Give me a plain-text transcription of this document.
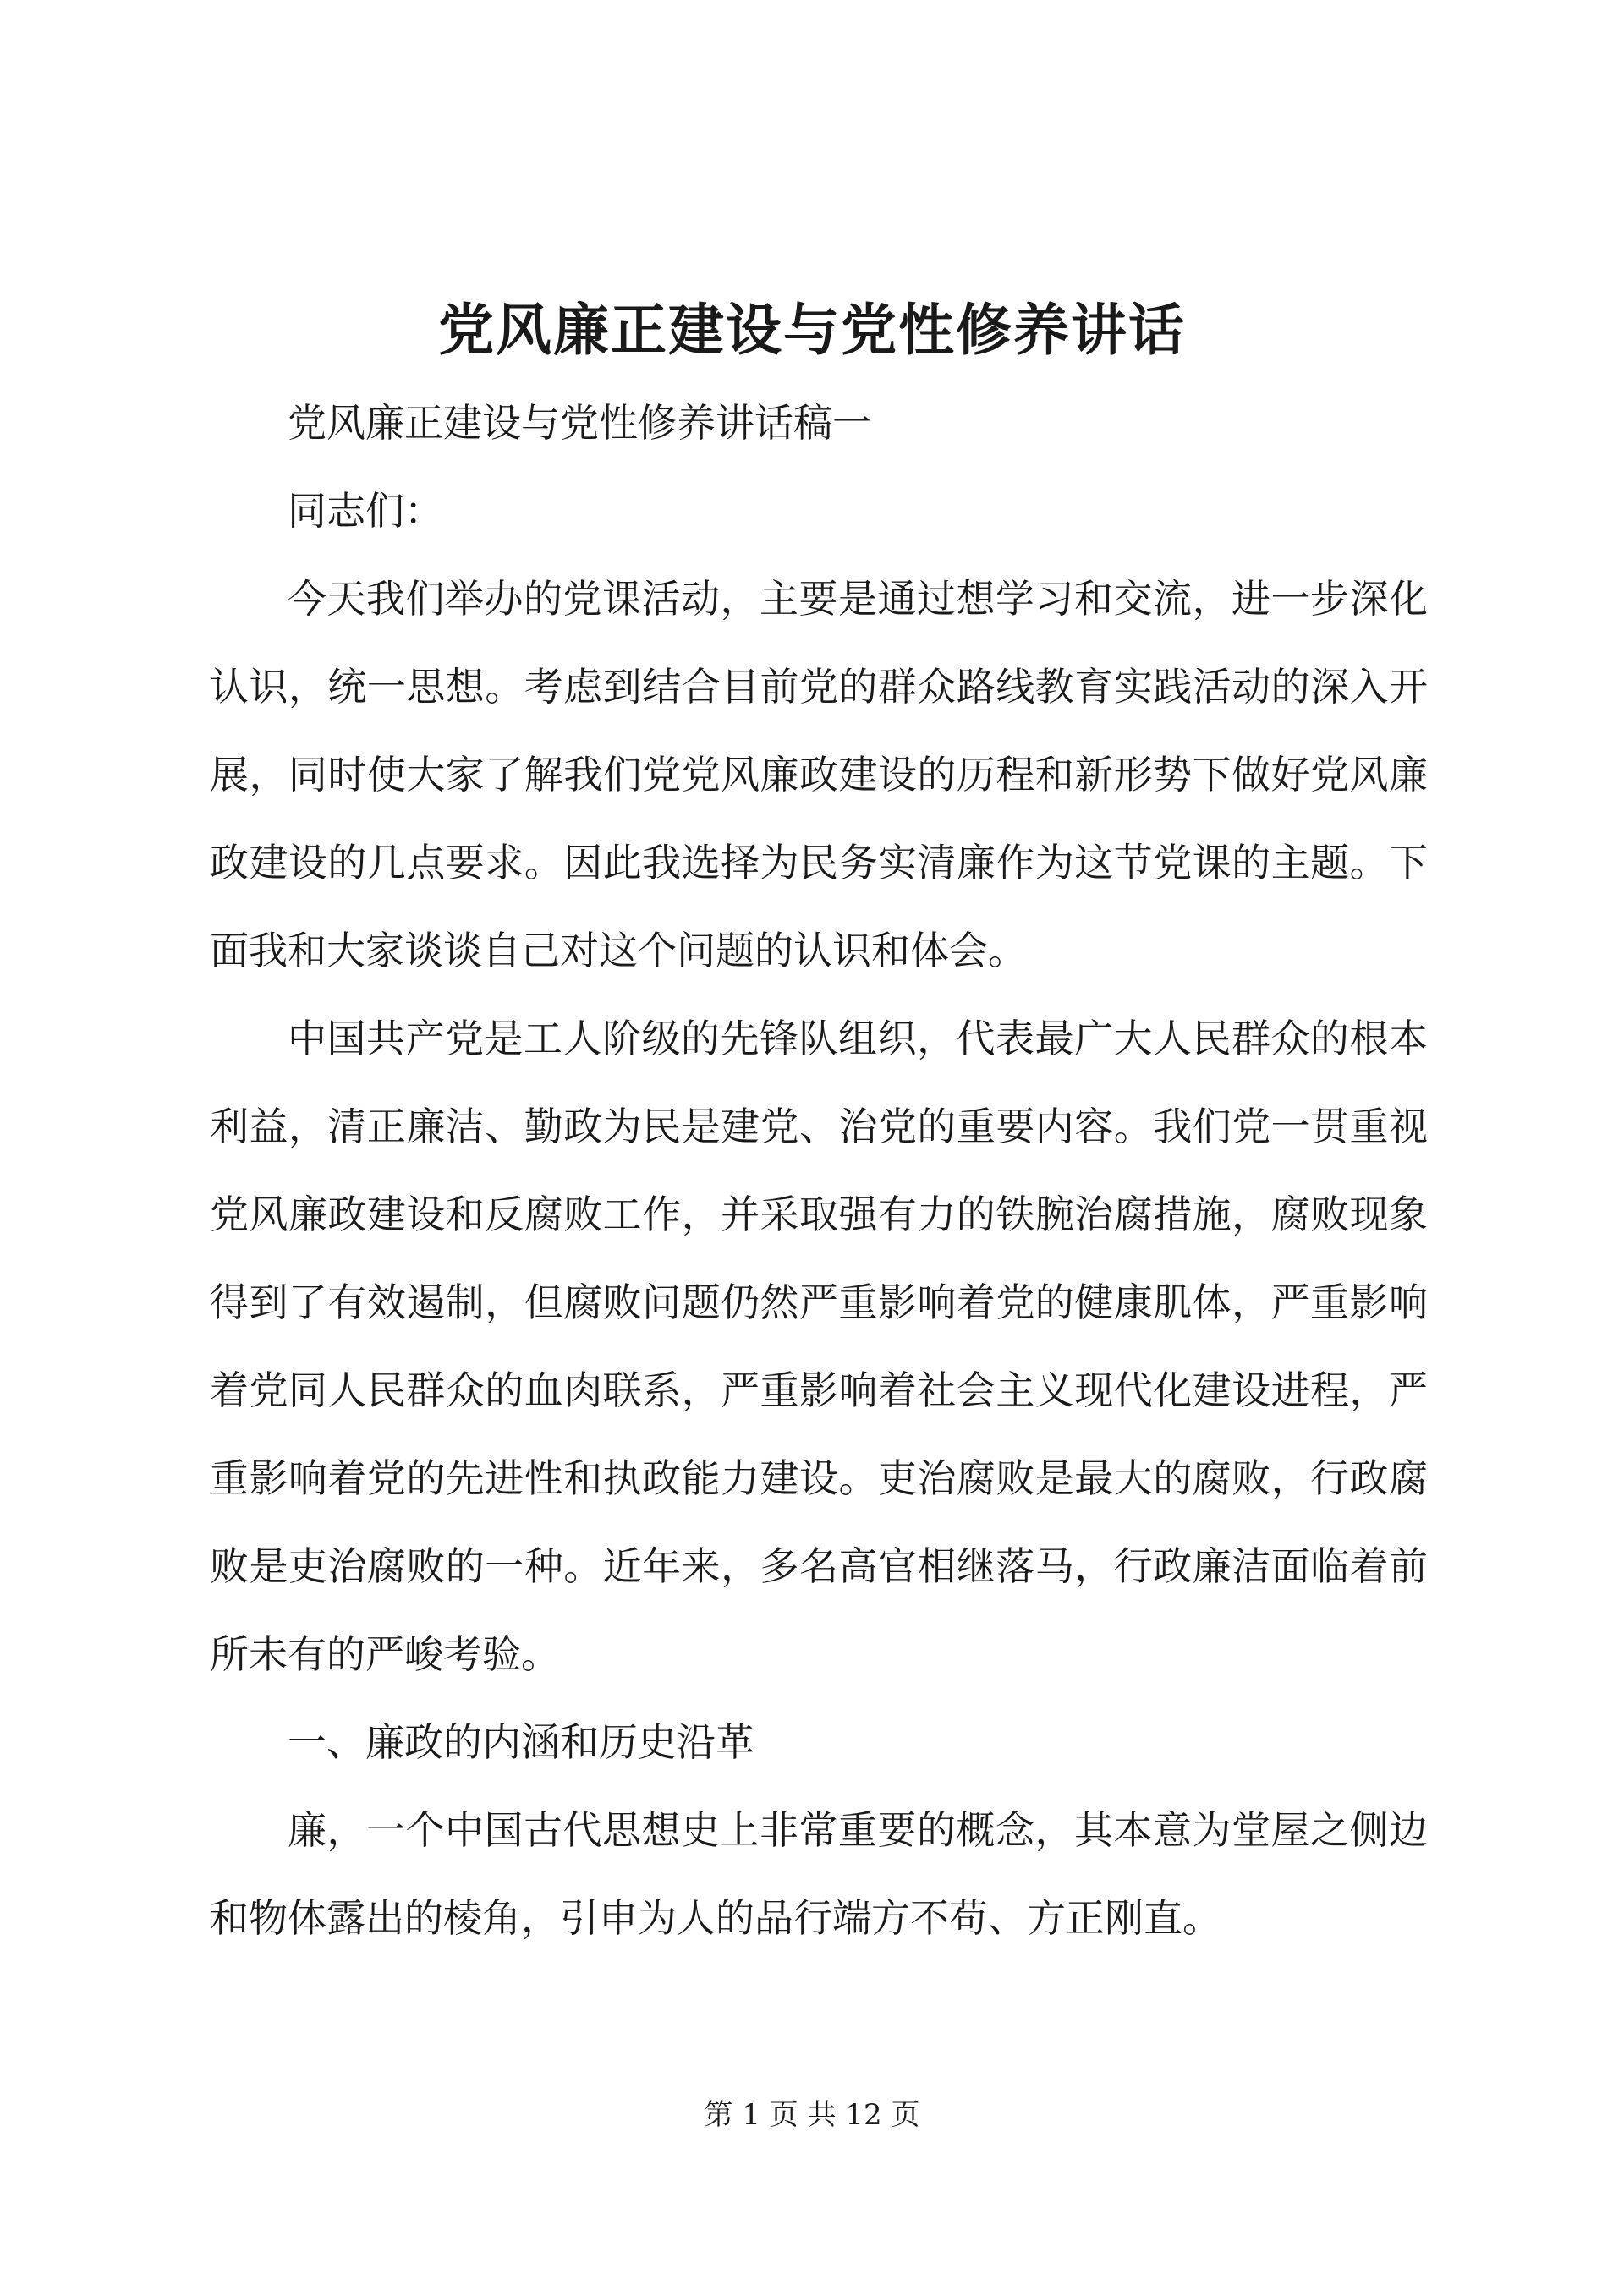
党风廉正建设与党性修养讲话

党风廉正建设与党性修养讲话稿一

同志们：

今天我们举办的党课活动，主要是通过想学习和交流，进一步深化认识，统一思想。考虑到结合目前党的群众路线教育实践活动的深入开展，同时使大家了解我们党党风廉政建设的历程和新形势下做好党风廉政建设的几点要求。因此我选择为民务实清廉作为这节党课的主题。下面我和大家谈谈自己对这个问题的认识和体会。

中国共产党是工人阶级的先锋队组织，代表最广大人民群众的根本利益，清正廉洁、勤政为民是建党、治党的重要内容。我们党一贯重视党风廉政建设和反腐败工作，并采取强有力的铁腕治腐措施，腐败现象得到了有效遏制，但腐败问题仍然严重影响着党的健康肌体，严重影响着党同人民群众的血肉联系，严重影响着社会主义现代化建设进程，严重影响着党的先进性和执政能力建设。吏治腐败是最大的腐败，行政腐败是吏治腐败的一种。近年来，多名高官相继落马，行政廉洁面临着前所未有的严峻考验。

一、廉政的内涵和历史沿革

廉，一个中国古代思想史上非常重要的概念，其本意为堂屋之侧边和物体露出的棱角，引申为人的品行端方不苟、方正刚直。

第 1 页 共 12 页
